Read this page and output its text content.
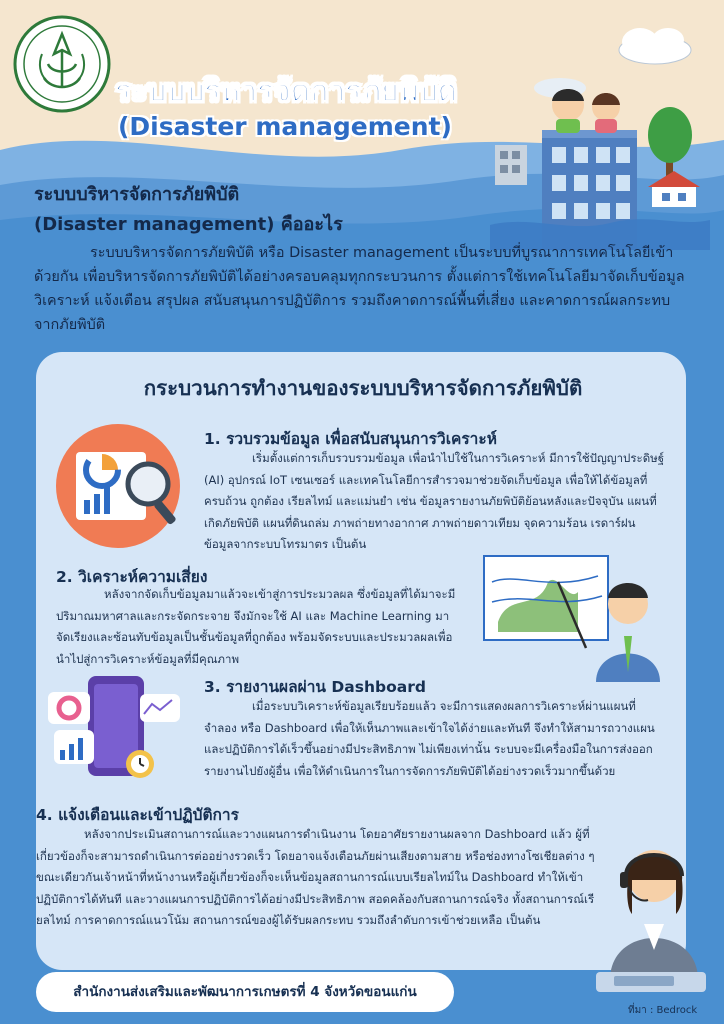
ระบบบริหารจัดการภัยพิบัติ
(Disaster management)
ระบบบริหารจัดการภัยพิบัติ
(Disaster management) คืออะไร
ระบบบริหารจัดการภัยพิบัติ หรือ Disaster management เป็นระบบที่บูรณาการเทคโนโลยีเข้าด้วยกัน เพื่อบริหารจัดการภัยพิบัติได้อย่างครอบคลุมทุกกระบวนการ ตั้งแต่การใช้เทคโนโลยีมาจัดเก็บข้อมูล วิเคราะห์ แจ้งเตือน สรุปผล สนับสนุนการปฏิบัติการ รวมถึงคาดการณ์พื้นที่เสี่ยง และคาดการณ์ผลกระทบจากภัยพิบัติ
กระบวนการทำงานของระบบบริหารจัดการภัยพิบัติ
1. รวบรวมข้อมูล เพื่อสนับสนุนการวิเคราะห์
เริ่มตั้งแต่การเก็บรวบรวมข้อมูล เพื่อนำไปใช้ในการวิเคราะห์ มีการใช้ปัญญาประดิษฐ์ (AI) อุปกรณ์ IoT เซนเซอร์ และเทคโนโลยีการสำรวจมาช่วยจัดเก็บข้อมูล เพื่อให้ได้ข้อมูลที่ครบถ้วน ถูกต้อง เรียลไทม์ และแม่นยำ เช่น ข้อมูลรายงานภัยพิบัติย้อนหลังและปัจจุบัน แผนที่เกิดภัยพิบัติ แผนที่ดินถล่ม ภาพถ่ายทางอากาศ ภาพถ่ายดาวเทียม จุดความร้อน เรดาร์ฝน ข้อมูลจากระบบโทรมาตร เป็นต้น
2. วิเคราะห์ความเสี่ยง
หลังจากจัดเก็บข้อมูลมาแล้วจะเข้าสู่การประมวลผล ซึ่งข้อมูลที่ได้มาจะมีปริมาณมหาศาลและกระจัดกระจาย จึงมักจะใช้ AI และ Machine Learning มาจัดเรียงและซ้อนทับข้อมูลเป็นชั้นข้อมูลที่ถูกต้อง พร้อมจัดระบบและประมวลผลเพื่อนำไปสู่การวิเคราะห์ข้อมูลที่มีคุณภาพ
3. รายงานผลผ่าน Dashboard
เมื่อระบบวิเคราะห์ข้อมูลเรียบร้อยแล้ว จะมีการแสดงผลการวิเคราะห์ผ่านแผนที่จำลอง หรือ Dashboard เพื่อให้เห็นภาพและเข้าใจได้ง่ายและทันที จึงทำให้สามารถวางแผนและปฏิบัติการได้เร็วขึ้นอย่างมีประสิทธิภาพ ไม่เพียงเท่านั้น ระบบจะมีเครื่องมือในการส่งออกรายงานไปยังผู้อื่น เพื่อให้ดำเนินการในการจัดการภัยพิบัติได้อย่างรวดเร็วมากขึ้นด้วย
4. แจ้งเตือนและเข้าปฏิบัติการ
หลังจากประเมินสถานการณ์และวางแผนการดำเนินงาน โดยอาศัยรายงานผลจาก Dashboard แล้ว ผู้ที่เกี่ยวข้องก็จะสามารถดำเนินการต่ออย่างรวดเร็ว โดยอาจแจ้งเตือนภัยผ่านเสียงตามสาย หรือช่องทางโซเชียลต่าง ๆ ขณะเดียวกันเจ้าหน้าที่หน้างานหรือผู้เกี่ยวข้องก็จะเห็นข้อมูลสถานการณ์แบบเรียลไทม์ใน Dashboard ทำให้เข้าปฏิบัติการได้ทันที และวางแผนการปฏิบัติการได้อย่างมีประสิทธิภาพ สอดคล้องกับสถานการณ์จริง ทั้งสถานการณ์เรียลไทม์ การคาดการณ์แนวโน้ม สถานการณ์ของผู้ได้รับผลกระทบ รวมถึงลำดับการเข้าช่วยเหลือ เป็นต้น
สำนักงานส่งเสริมและพัฒนาการเกษตรที่ 4 จังหวัดขอนแก่น
ที่มา : Bedrock
